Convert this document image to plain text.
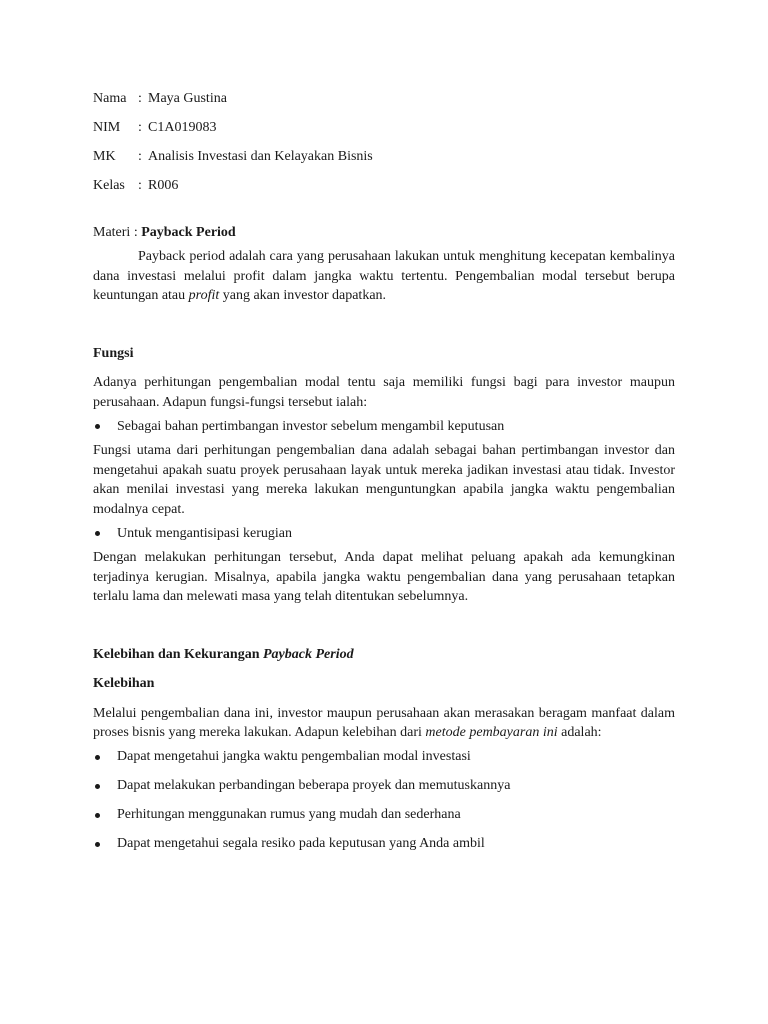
Nama : Maya Gustina
NIM	: C1A019083
MK	: Analisis Investasi dan Kelayakan Bisnis
Kelas : R006
Materi :
Payback Period

Payback period adalah cara yang perusahaan lakukan untuk menghitung kecepatan kembalinya dana investasi melalui profit dalam jangka waktu tertentu. Pengembalian modal tersebut berupa keuntungan atau profit yang akan investor dapatkan.

Fungsi

Adanya perhitungan pengembalian modal tentu saja memiliki fungsi bagi para investor maupun perusahaan. Adapun fungsi-fungsi tersebut ialah:

Sebagai bahan pertimbangan investor sebelum mengambil keputusan

Fungsi utama dari perhitungan pengembalian dana adalah sebagai bahan pertimbangan investor dan mengetahui apakah suatu proyek perusahaan layak untuk mereka jadikan investasi atau tidak. Investor akan menilai investasi yang mereka lakukan menguntungkan apabila jangka waktu pengembalian modalnya cepat.

Untuk mengantisipasi kerugian

Dengan melakukan perhitungan tersebut, Anda dapat melihat peluang apakah ada kemungkinan terjadinya kerugian. Misalnya, apabila jangka waktu pengembalian dana yang perusahaan tetapkan terlalu lama dan melewati masa yang telah ditentukan sebelumnya.

Kelebihan dan Kekurangan Payback Period

Kelebihan

Melalui pengembalian dana ini, investor maupun perusahaan akan merasakan beragam manfaat dalam proses bisnis yang mereka lakukan. Adapun kelebihan dari metode pembayaran ini adalah:

Dapat mengetahui jangka waktu pengembalian modal investasi
Dapat melakukan perbandingan beberapa proyek dan memutuskannya
Perhitungan menggunakan rumus yang mudah dan sederhana
Dapat mengetahui segala resiko pada keputusan yang Anda ambil
